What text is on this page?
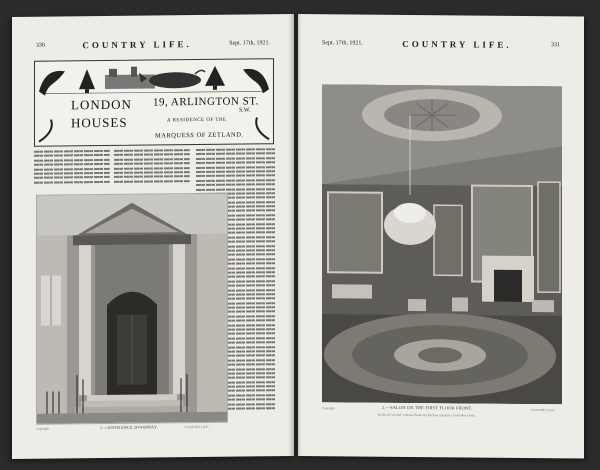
330	COUNTRY LIFE.	Sept. 17th, 1921.
LONDON
HOUSES
19, ARLINGTON ST.
S.W.
A RESIDENCE OF THE
MARQUESS OF ZETLAND.
Copyright	1.—ENTRANCE DOORWAY.	"COUNTRY LIFE."
Sept. 17th, 1921.	COUNTRY LIFE.	331
Copyright	2.—SALON ON THE FIRST FLOOR FRONT.	"COUNTRY LIFE."
Relieved in relief with the Beauvais-Nielson tapestries from Moor Park.
